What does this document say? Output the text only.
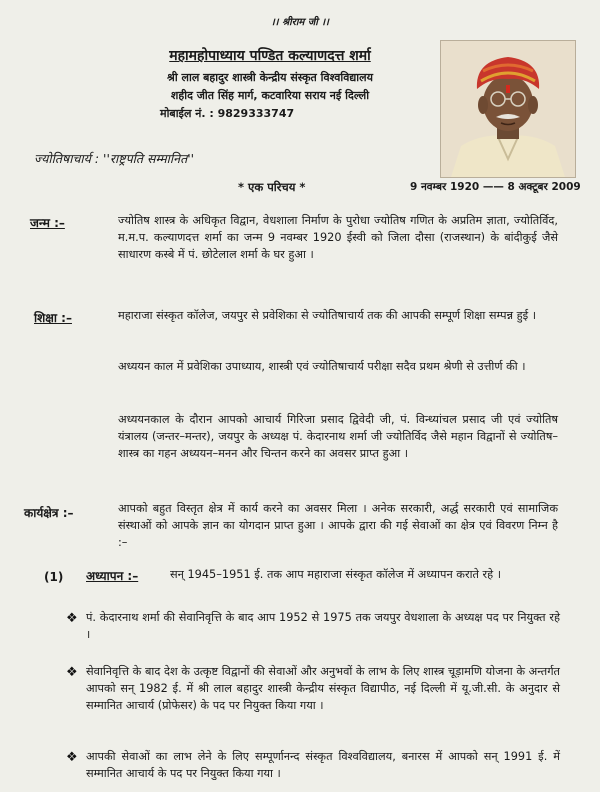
।। श्रीराम जी ।।
महामहोपाध्याय पण्डित कल्याणदत्त शर्मा
श्री लाल बहादुर शास्त्री केन्द्रीय संस्कृत विश्वविद्यालय
शहीद जीत सिंह मार्ग, कटवारिया सराय नई दिल्ली
मोबाईल नं. : 9829333747
ज्योतिषाचार्य : ''राष्ट्रपति सम्मानित''
* एक परिचय *	9 नवम्बर 1920 —— 8 अक्टूबर 2009
जन्म :–	ज्योतिष शास्त्र के अधिकृत विद्वान, वेधशाला निर्माण के पुरोधा ज्योतिष गणित के अप्रतिम ज्ञाता, ज्योतिर्विद, म.म.प. कल्याणदत्त शर्मा का जन्म 9 नवम्बर 1920 ईस्वी को जिला दौसा (राजस्थान) के बांदीकुई जैसे साधारण कस्बे में पं. छोटेलाल शर्मा के घर हुआ ।
शिक्षा :–	महाराजा संस्कृत कॉलेज, जयपुर से प्रवेशिका से ज्योतिषाचार्य तक की आपकी सम्पूर्ण शिक्षा सम्पन्न हुई ।
अध्ययन काल में प्रवेशिका उपाध्याय, शास्त्री एवं ज्योतिषाचार्य परीक्षा सदैव प्रथम श्रेणी से उत्तीर्ण की ।
अध्ययनकाल के दौरान आपको आचार्य गिरिजा प्रसाद द्विवेदी जी, पं. विन्ध्यांचल प्रसाद जी एवं ज्योतिष यंत्रालय (जन्तर–मन्तर), जयपुर के अध्यक्ष पं. केदारनाथ शर्मा जी ज्योतिर्विद जैसे महान विद्वानों से ज्योतिष–शास्त्र का गहन अध्ययन–मनन और चिन्तन करने का अवसर प्राप्त हुआ ।
कार्यक्षेत्र :–	आपको बहुत विस्तृत क्षेत्र में कार्य करने का अवसर मिला । अनेक सरकारी, अर्द्ध सरकारी एवं सामाजिक संस्थाओं को आपके ज्ञान का योगदान प्राप्त हुआ । आपके द्वारा की गई सेवाओं का क्षेत्र एवं विवरण निम्न है :–
(1) अध्यापन :–	सन् 1945–1951 ई. तक आप महाराजा संस्कृत कॉलेज में अध्यापन कराते रहे ।
❖ पं. केदारनाथ शर्मा की सेवानिवृत्ति के बाद आप 1952 से 1975 तक जयपुर वेधशाला के अध्यक्ष पद पर नियुक्त रहे ।
❖ सेवानिवृत्ति के बाद देश के उत्कृष्ट विद्वानों की सेवाओं और अनुभवों के लाभ के लिए शास्त्र चूड़ामणि योजना के अन्तर्गत आपको सन् 1982 ई. में श्री लाल बहादुर शास्त्री केन्द्रीय संस्कृत विद्यापीठ, नई दिल्ली में यू.जी.सी. के अनुदार से सम्मानित आचार्य (प्रोफेसर) के पद पर नियुक्त किया गया ।
❖ आपकी सेवाओं का लाभ लेने के लिए सम्पूर्णानन्द संस्कृत विश्वविद्यालय, बनारस में आपको सन् 1991 ई. में सम्मानित आचार्य के पद पर नियुक्त किया गया ।
